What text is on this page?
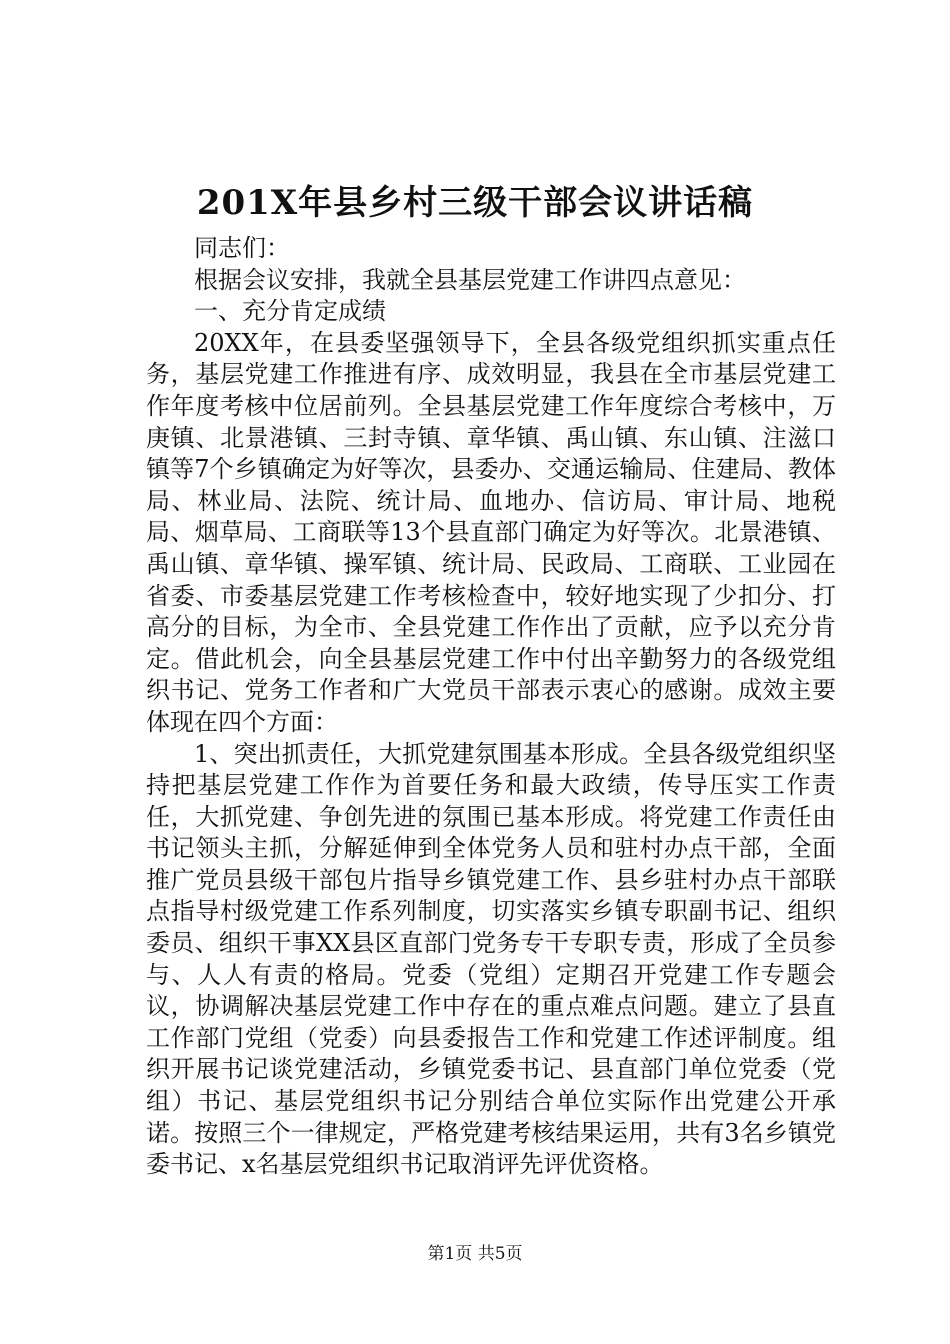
201X年县乡村三级干部会议讲话稿

同志们：

根据会议安排，我就全县基层党建工作讲四点意见：

一、充分肯定成绩

20XX年，在县委坚强领导下，全县各级党组织抓实重点任务，基层党建工作推进有序、成效明显，我县在全市基层党建工作年度考核中位居前列。全县基层党建工作年度综合考核中，万庚镇、北景港镇、三封寺镇、章华镇、禹山镇、东山镇、注滋口镇等7个乡镇确定为好等次，县委办、交通运输局、住建局、教体局、林业局、法院、统计局、血地办、信访局、审计局、地税局、烟草局、工商联等13个县直部门确定为好等次。北景港镇、禹山镇、章华镇、操军镇、统计局、民政局、工商联、工业园在省委、市委基层党建工作考核检查中，较好地实现了少扣分、打高分的目标，为全市、全县党建工作作出了贡献，应予以充分肯定。借此机会，向全县基层党建工作中付出辛勤努力的各级党组织书记、党务工作者和广大党员干部表示衷心的感谢。成效主要体现在四个方面：

1、突出抓责任，大抓党建氛围基本形成。全县各级党组织坚持把基层党建工作作为首要任务和最大政绩，传导压实工作责任，大抓党建、争创先进的氛围已基本形成。将党建工作责任由书记领头主抓，分解延伸到全体党务人员和驻村办点干部，全面推广党员县级干部包片指导乡镇党建工作、县乡驻村办点干部联点指导村级党建工作系列制度，切实落实乡镇专职副书记、组织委员、组织干事XX县区直部门党务专干专职专责，形成了全员参与、人人有责的格局。党委（党组）定期召开党建工作专题会议，协调解决基层党建工作中存在的重点难点问题。建立了县直工作部门党组（党委）向县委报告工作和党建工作述评制度。组织开展书记谈党建活动，乡镇党委书记、县直部门单位党委（党组）书记、基层党组织书记分别结合单位实际作出党建公开承诺。按照三个一律规定，严格党建考核结果运用，共有3名乡镇党委书记、x名基层党组织书记取消评先评优资格。

第1页 共5页
